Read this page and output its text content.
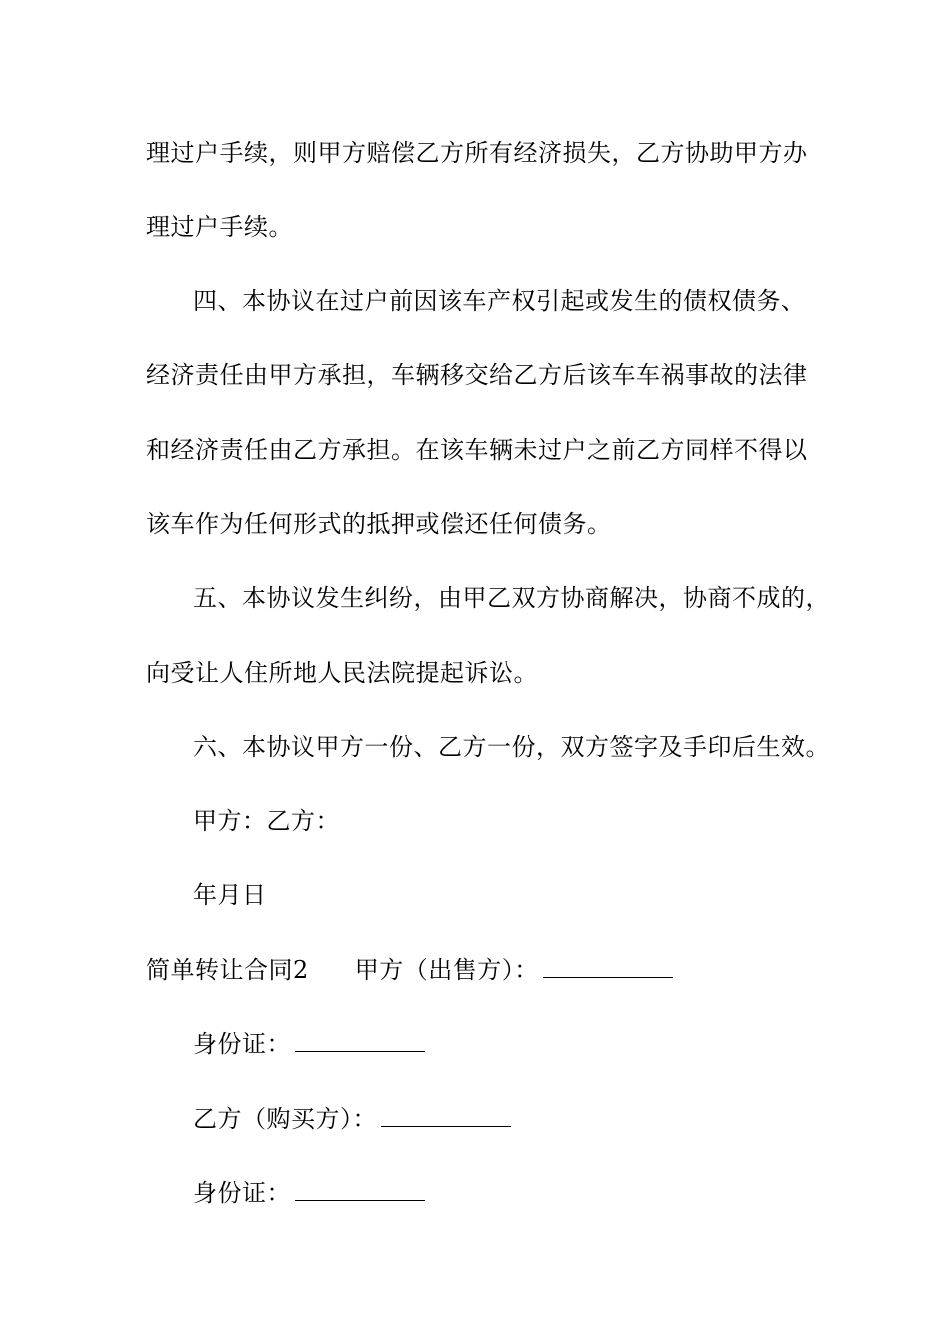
理过户手续，则甲方赔偿乙方所有经济损失，乙方协助甲方办
理过户手续。
四、本协议在过户前因该车产权引起或发生的债权债务、
经济责任由甲方承担，车辆移交给乙方后该车车祸事故的法律
和经济责任由乙方承担。在该车辆未过户之前乙方同样不得以
该车作为任何形式的抵押或偿还任何债务。
五、本协议发生纠纷，由甲乙双方协商解决，协商不成的，
向受让人住所地人民法院提起诉讼。
六、本协议甲方一份、乙方一份，双方签字及手印后生效。
甲方：乙方：
年月日
简单转让合同2 甲方（出售方）：
身份证：
乙方（购买方）：
身份证：
